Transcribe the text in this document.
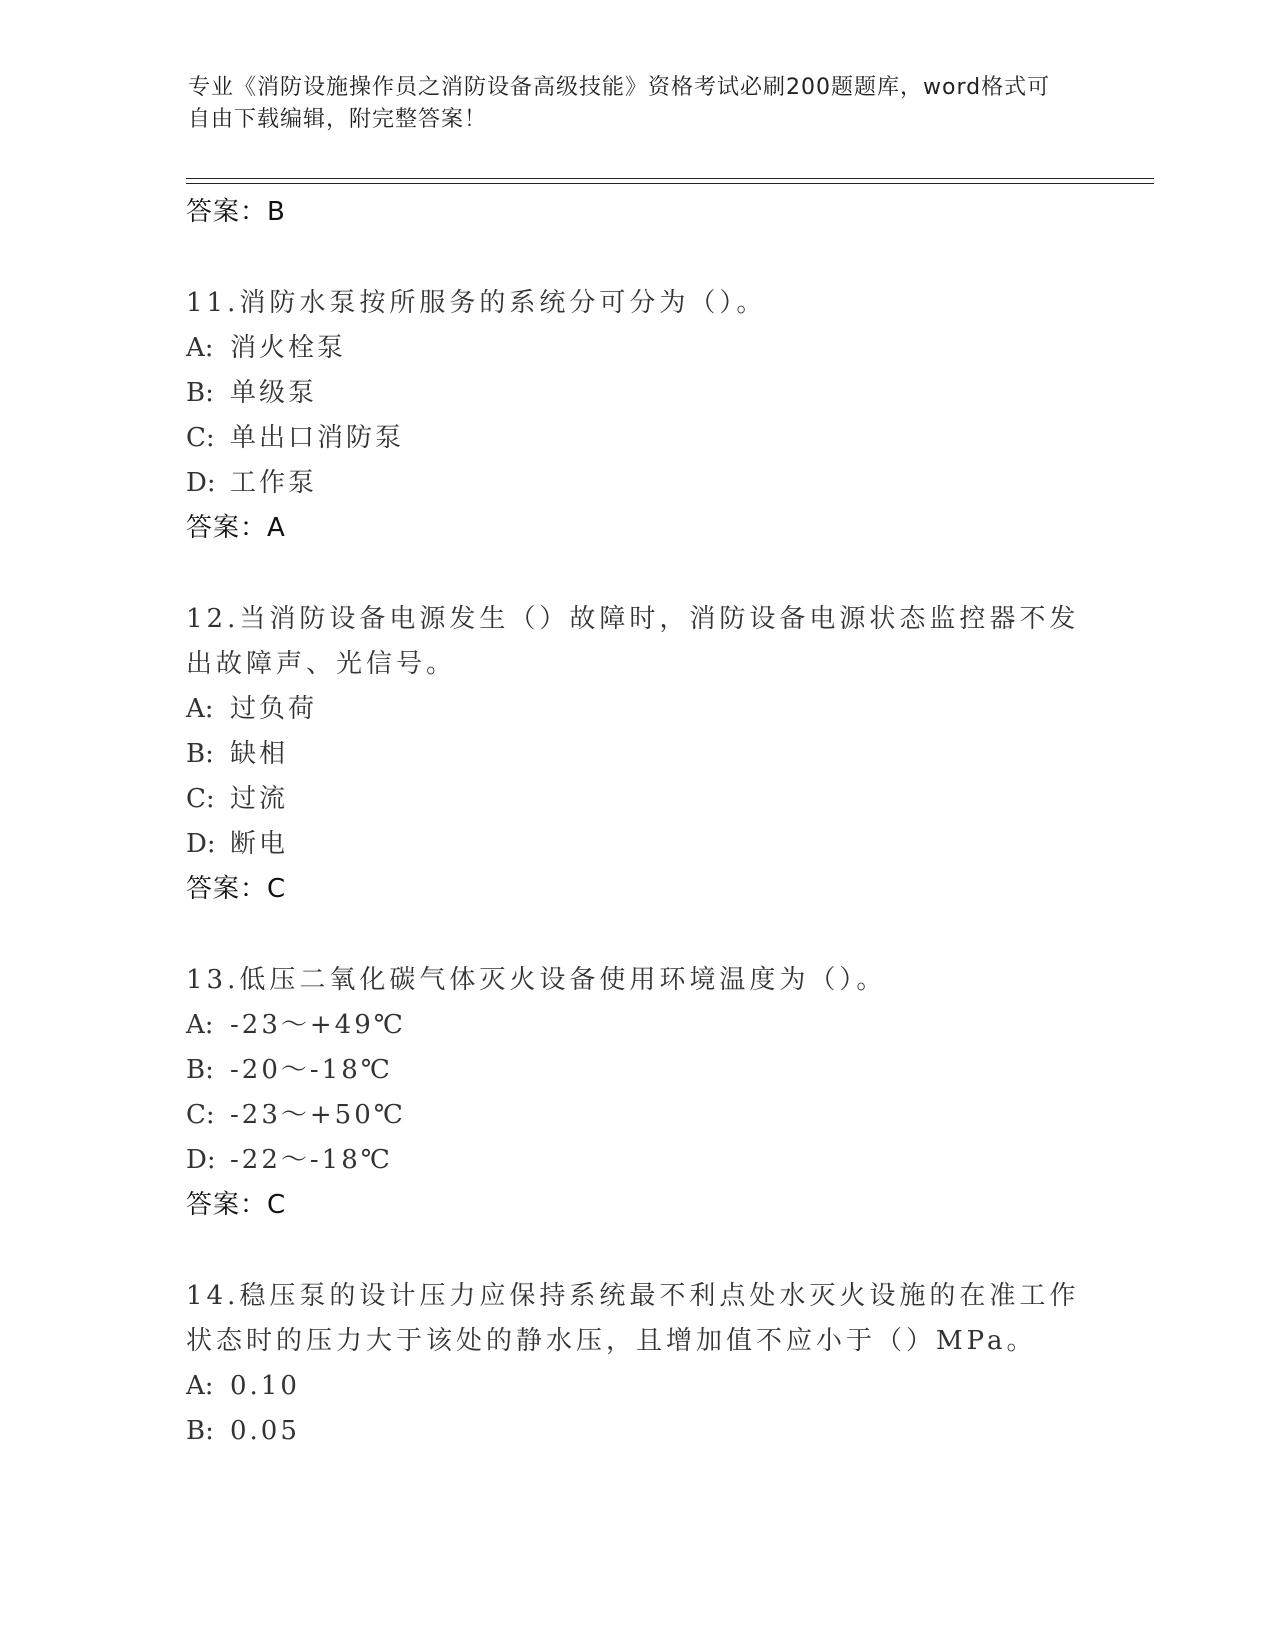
专业《消防设施操作员之消防设备高级技能》资格考试必刷200题题库，word格式可自由下载编辑，附完整答案！
答案：B
11.消防水泵按所服务的系统分可分为（）。
A: 消火栓泵
B: 单级泵
C: 单出口消防泵
D: 工作泵
答案：A
12.当消防设备电源发生（）故障时，消防设备电源状态监控器不发出故障声、光信号。
A: 过负荷
B: 缺相
C: 过流
D: 断电
答案：C
13.低压二氧化碳气体灭火设备使用环境温度为（）。
A: -23～+49℃
B: -20～-18℃
C: -23～+50℃
D: -22～-18℃
答案：C
14.稳压泵的设计压力应保持系统最不利点处水灭火设施的在准工作状态时的压力大于该处的静水压，且增加值不应小于（）MPa。
A: 0.10
B: 0.05
